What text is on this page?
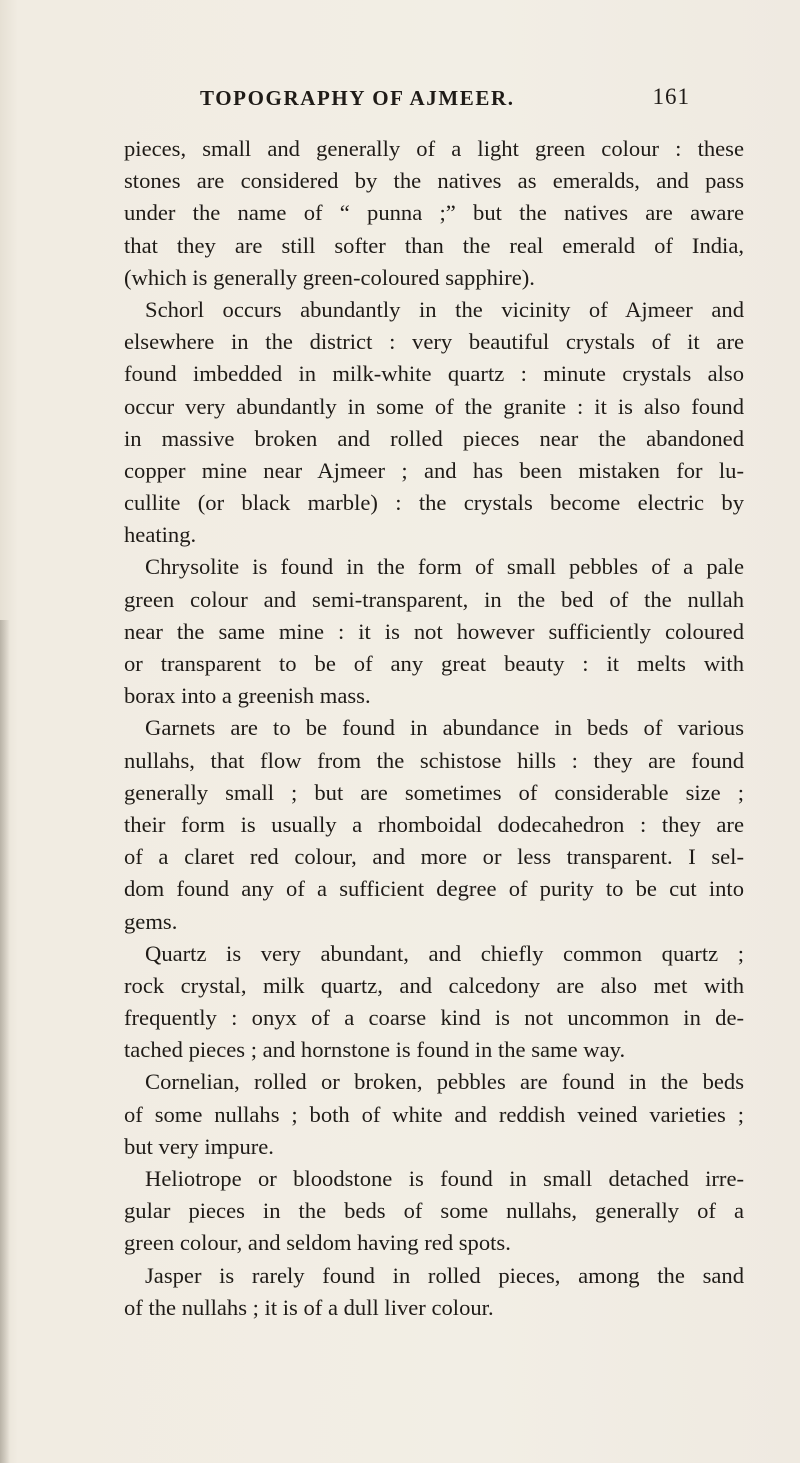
TOPOGRAPHY OF AJMEER.	161
pieces, small and generally of a light green colour : these
stones are considered by the natives as emeralds, and pass
under the name of “ punna ;” but the natives are aware
that they are still softer than the real emerald of India,
(which is generally green-coloured sapphire).
Schorl occurs abundantly in the vicinity of Ajmeer and
elsewhere in the district : very beautiful crystals of it are
found imbedded in milk-white quartz : minute crystals also
occur very abundantly in some of the granite : it is also found
in massive broken and rolled pieces near the abandoned
copper mine near Ajmeer ; and has been mistaken for lu-
cullite (or black marble) : the crystals become electric by
heating.
Chrysolite is found in the form of small pebbles of a pale
green colour and semi-transparent, in the bed of the nullah
near the same mine : it is not however sufficiently coloured
or transparent to be of any great beauty : it melts with
borax into a greenish mass.
Garnets are to be found in abundance in beds of various
nullahs, that flow from the schistose hills : they are found
generally small ; but are sometimes of considerable size ;
their form is usually a rhomboidal dodecahedron : they are
of a claret red colour, and more or less transparent. I sel-
dom found any of a sufficient degree of purity to be cut into
gems.
Quartz is very abundant, and chiefly common quartz ;
rock crystal, milk quartz, and calcedony are also met with
frequently : onyx of a coarse kind is not uncommon in de-
tached pieces ; and hornstone is found in the same way.
Cornelian, rolled or broken, pebbles are found in the beds
of some nullahs ; both of white and reddish veined varieties ;
but very impure.
Heliotrope or bloodstone is found in small detached irre-
gular pieces in the beds of some nullahs, generally of a
green colour, and seldom having red spots.
Jasper is rarely found in rolled pieces, among the sand
of the nullahs ; it is of a dull liver colour.
